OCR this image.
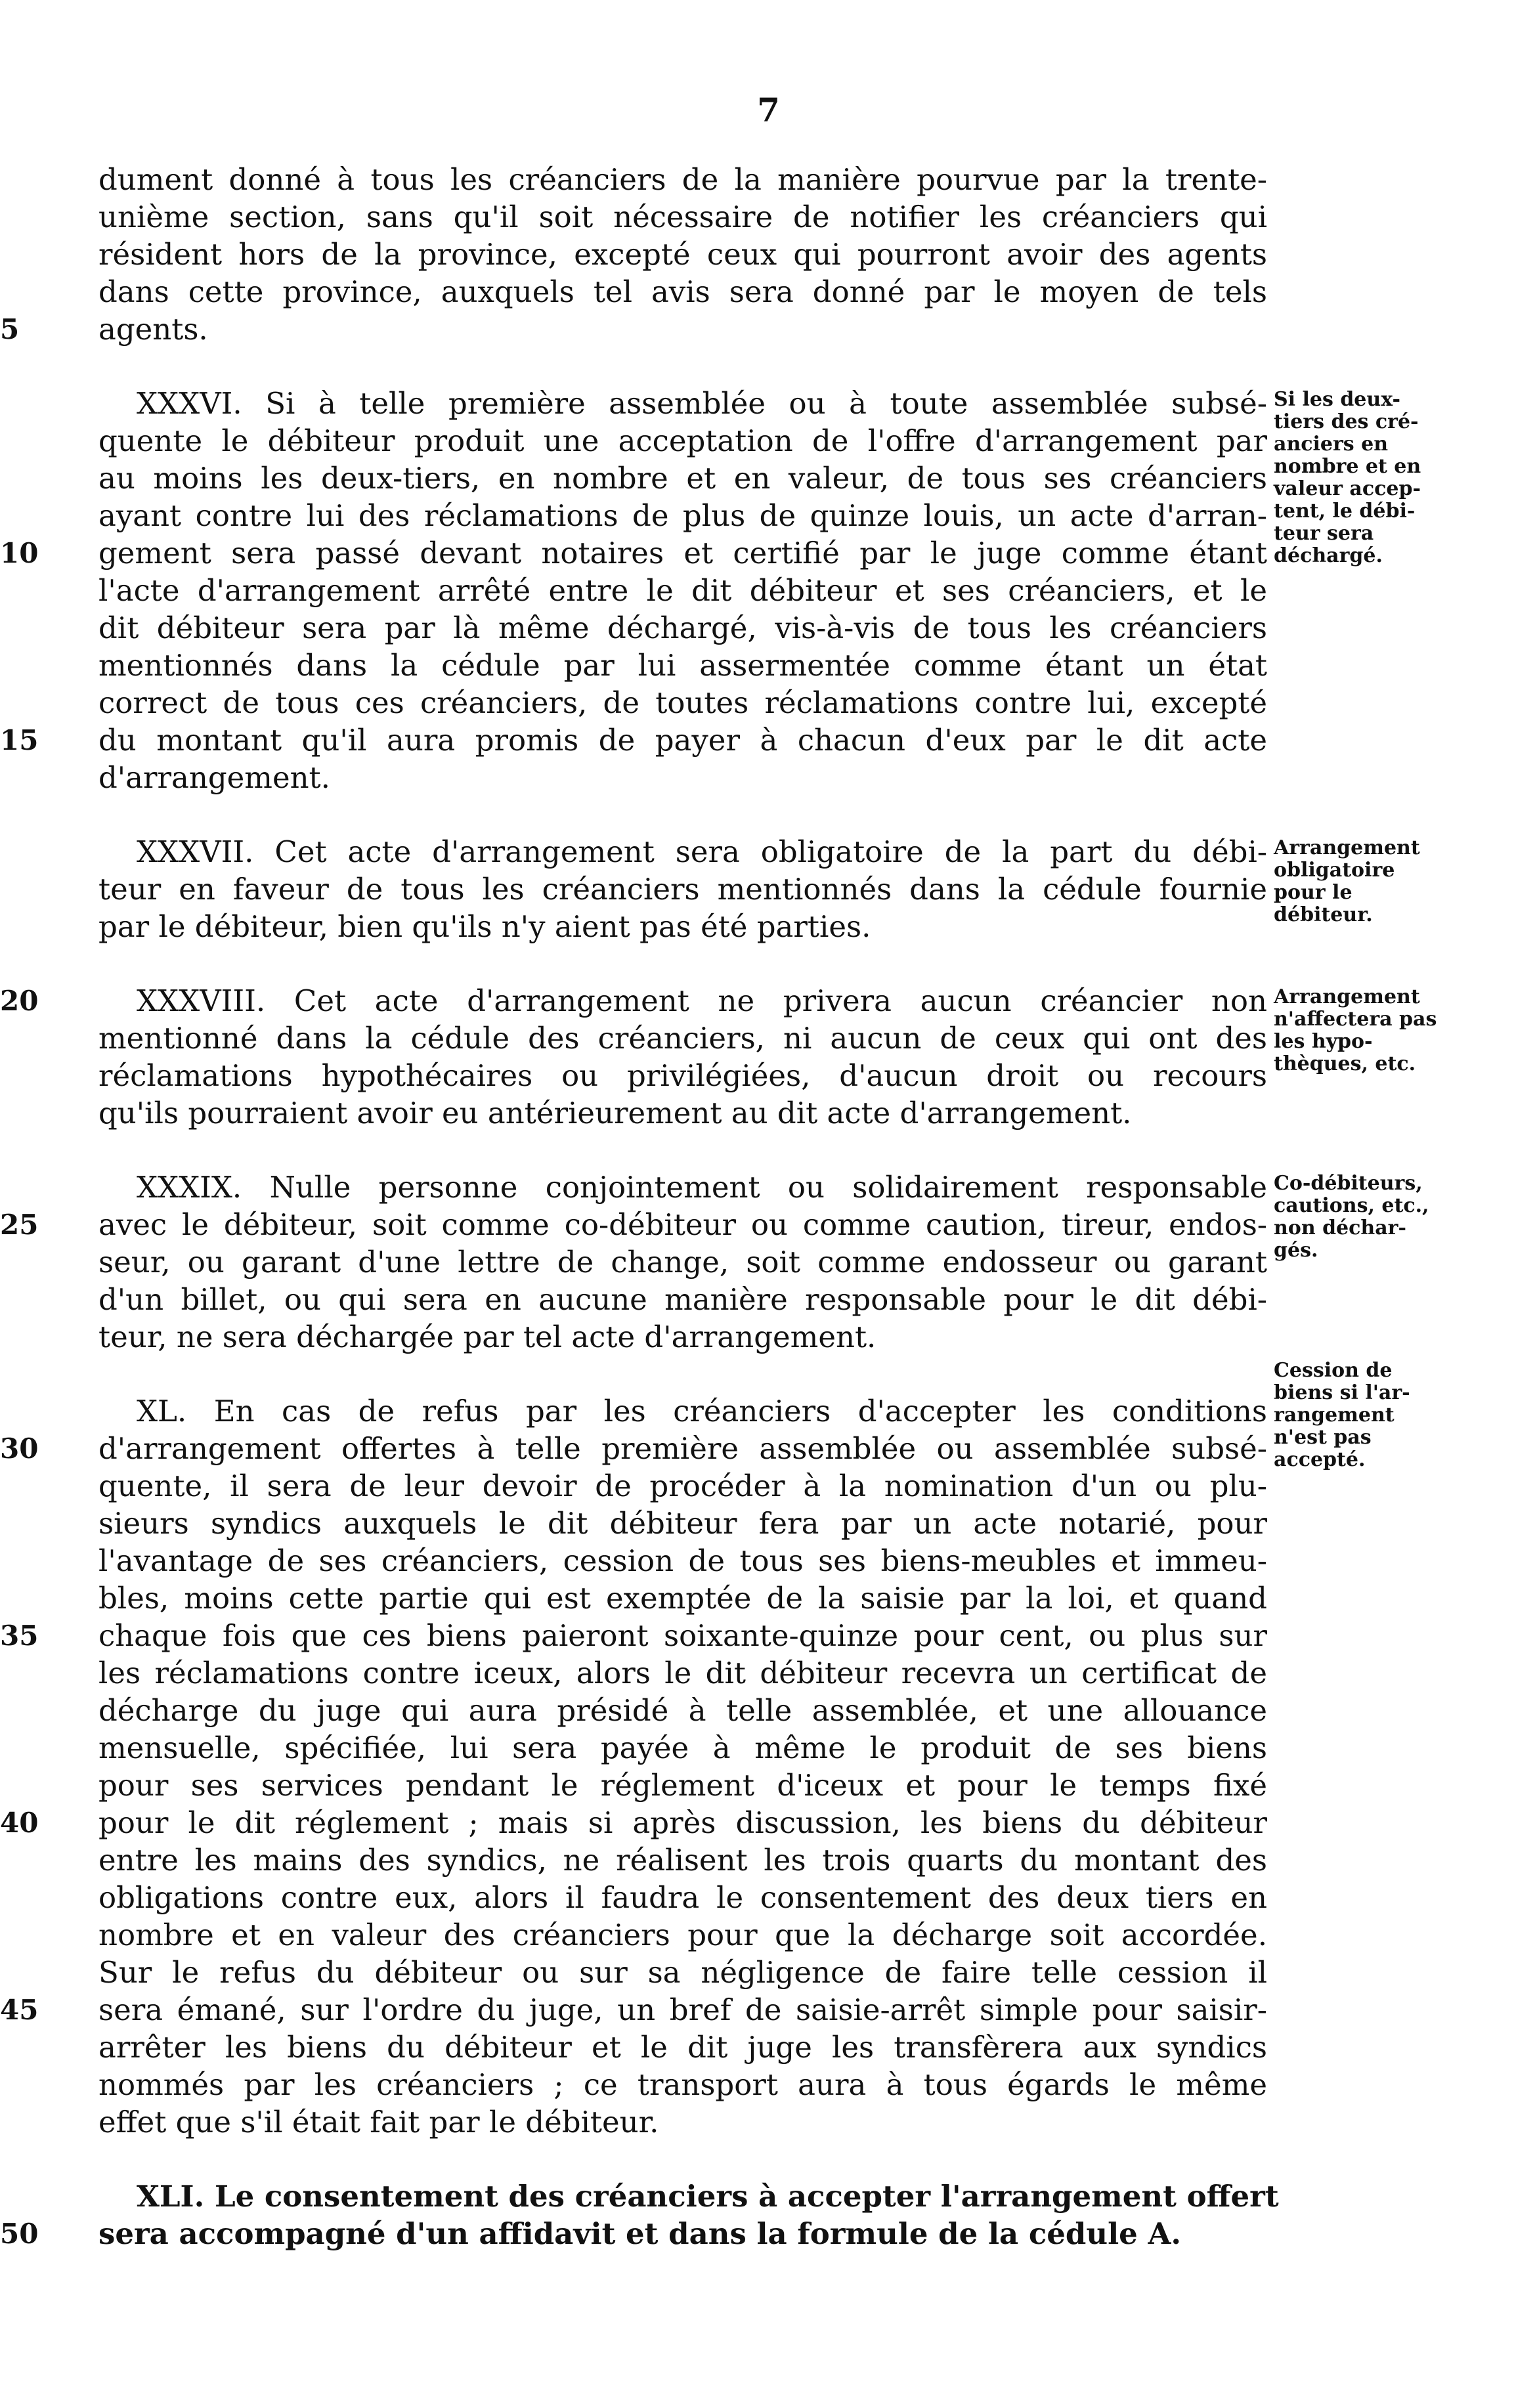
7
dument donné à tous les créanciers de la manière pourvue par la trente-
unième section, sans qu'il soit nécessaire de notifier les créanciers qui
résident hors de la province, excepté ceux qui pourront avoir des agents
dans cette province, auxquels tel avis sera donné par le moyen de tels
agents.
5
XXXVI. Si à telle première assemblée ou à toute assemblée subsé-
quente le débiteur produit une acceptation de l'offre d'arrangement par
au moins les deux-tiers, en nombre et en valeur, de tous ses créanciers
ayant contre lui des réclamations de plus de quinze louis, un acte d'arran-
gement sera passé devant notaires et certifié par le juge comme étant
10
l'acte d'arrangement arrêté entre le dit débiteur et ses créanciers, et le
dit débiteur sera par là même déchargé, vis-à-vis de tous les créanciers
mentionnés dans la cédule par lui assermentée comme étant un état
correct de tous ces créanciers, de toutes réclamations contre lui, excepté
du montant qu'il aura promis de payer à chacun d'eux par le dit acte
15
d'arrangement.
XXXVII. Cet acte d'arrangement sera obligatoire de la part du débi-
teur en faveur de tous les créanciers mentionnés dans la cédule fournie
par le débiteur, bien qu'ils n'y aient pas été parties.
XXXVIII. Cet acte d'arrangement ne privera aucun créancier non
20
mentionné dans la cédule des créanciers, ni aucun de ceux qui ont des
réclamations hypothécaires ou privilégiées, d'aucun droit ou recours
qu'ils pourraient avoir eu antérieurement au dit acte d'arrangement.
XXXIX. Nulle personne conjointement ou solidairement responsable
avec le débiteur, soit comme co-débiteur ou comme caution, tireur, endos-
25
seur, ou garant d'une lettre de change, soit comme endosseur ou garant
d'un billet, ou qui sera en aucune manière responsable pour le dit débi-
teur, ne sera déchargée par tel acte d'arrangement.
XL. En cas de refus par les créanciers d'accepter les conditions
d'arrangement offertes à telle première assemblée ou assemblée subsé-
30
quente, il sera de leur devoir de procéder à la nomination d'un ou plu-
sieurs syndics auxquels le dit débiteur fera par un acte notarié, pour
l'avantage de ses créanciers, cession de tous ses biens-meubles et immeu-
bles, moins cette partie qui est exemptée de la saisie par la loi, et quand
chaque fois que ces biens paieront soixante-quinze pour cent, ou plus sur
35
les réclamations contre iceux, alors le dit débiteur recevra un certificat de
décharge du juge qui aura présidé à telle assemblée, et une allouance
mensuelle, spécifiée, lui sera payée à même le produit de ses biens
pour ses services pendant le réglement d'iceux et pour le temps fixé
pour le dit réglement ; mais si après discussion, les biens du débiteur
40
entre les mains des syndics, ne réalisent les trois quarts du montant des
obligations contre eux, alors il faudra le consentement des deux tiers en
nombre et en valeur des créanciers pour que la décharge soit accordée.
Sur le refus du débiteur ou sur sa négligence de faire telle cession il
sera émané, sur l'ordre du juge, un bref de saisie-arrêt simple pour saisir-
45
arrêter les biens du débiteur et le dit juge les transfèrera aux syndics
nommés par les créanciers ; ce transport aura à tous égards le même
effet que s'il était fait par le débiteur.
XLI. Le consentement des créanciers à accepter l'arrangement offert
sera accompagné d'un affidavit et dans la formule de la cédule A.
50
Si les deux-
tiers des cré-
anciers en
nombre et en
valeur accep-
tent, le débi-
teur sera
déchargé.
Arrangement
obligatoire
pour le
débiteur.
Arrangement
n'affectera pas
les hypo-
thèques, etc.
Co-débiteurs,
cautions, etc.,
non déchar-
gés.
Cession de
biens si l'ar-
rangement
n'est pas
accepté.
